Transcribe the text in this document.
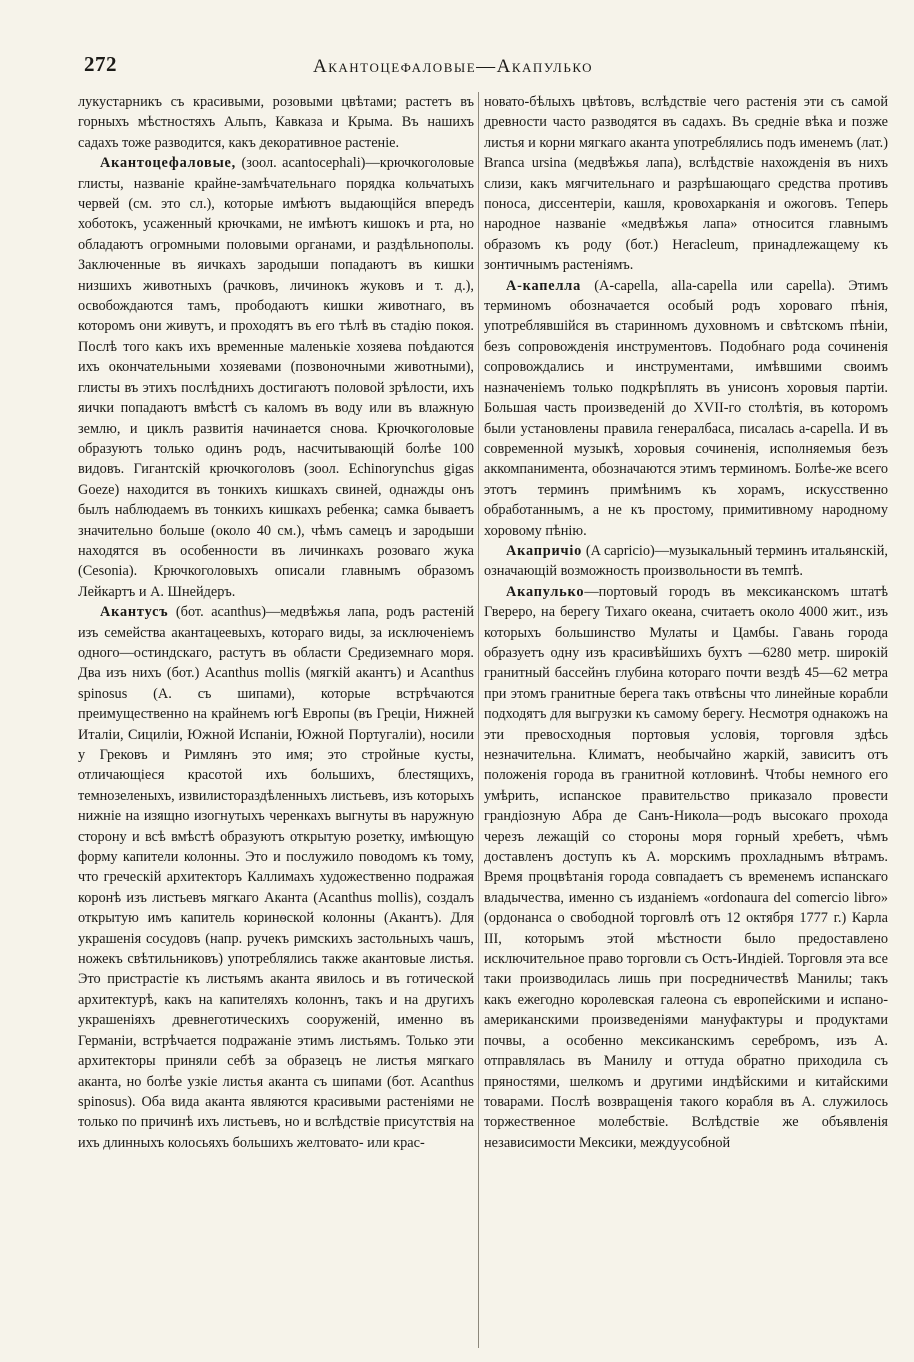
272	Акантоцефаловые—Акапулько

лукустарникъ съ красивыми, розовыми цвѣтами; растетъ въ горныхъ мѣстностяхъ Альпъ, Кавказа и Крыма. Въ нашихъ садахъ тоже разводится, какъ декоративное растеніе.

Акантоцефаловые, (зоол. acantocephali)—крючкоголовые глисты, названіе крайне-замѣчательнаго порядка кольчатыхъ червей (см. это сл.), которые имѣютъ выдающійся впередъ хоботокъ, усаженный крючками, не имѣютъ кишокъ и рта, но обладаютъ огромными половыми органами, и раздѣльнополы. Заключенные въ яичкахъ зародыши попадаютъ въ кишки низшихъ животныхъ (рачковъ, личинокъ жуковъ и т. д.), освобождаются тамъ, прободаютъ кишки животнаго, въ которомъ они живутъ, и проходятъ въ его тѣлѣ въ стадію покоя. Послѣ того какъ ихъ временные маленькіе хозяева поѣдаются ихъ окончательными хозяевами (позвоночными животными), глисты въ этихъ послѣднихъ достигаютъ половой зрѣлости, ихъ яички попадаютъ вмѣстѣ съ каломъ въ воду или въ влажную землю, и циклъ развитія начинается снова. Крючкоголовые образуютъ только одинъ родъ, насчитывающій болѣе 100 видовъ. Гигантскій крючкоголовъ (зоол. Echinorynchus gigas Goeze) находится въ тонкихъ кишкахъ свиней, однажды онъ былъ наблюдаемъ въ тонкихъ кишкахъ ребенка; самка бываетъ значительно больше (около 40 см.), чѣмъ самецъ и зародыши находятся въ особенности въ личинкахъ розоваго жука (Cesonia). Крючкоголовыхъ описали главнымъ образомъ Лейкартъ и А. Шнейдеръ.

Акантусъ (бот. acanthus)—медвѣжья лапа, родъ растеній изъ семейства акантацеевыхъ, котораго виды, за исключеніемъ одного—остиндскаго, растутъ въ области Средиземнаго моря. Два изъ нихъ (бот.) Acanthus mollis (мягкій акантъ) и Acanthus spinosus (А. съ шипами), которые встрѣчаются преимущественно на крайнемъ югѣ Европы (въ Греціи, Нижней Италіи, Сициліи, Южной Испаніи, Южной Португаліи), носили у Грековъ и Римлянъ это имя; это стройные кусты, отличающіеся красотой ихъ большихъ, блестящихъ, темнозеленыхъ, извилистораздѣленныхъ листьевъ, изъ которыхъ нижніе на изящно изогнутыхъ черенкахъ выгнуты въ наружную сторону и всѣ вмѣстѣ образуютъ открытую розетку, имѣющую форму капители колонны. Это и послужило поводомъ къ тому, что греческій архитекторъ Каллимахъ художественно подражая коронѣ изъ листьевъ мягкаго Аканта (Acanthus mollis), создалъ открытую имъ капитель коринѳской колонны (Акантъ). Для украшенія сосудовъ (напр. ручекъ римскихъ застольныхъ чашъ, ножекъ свѣтильниковъ) употреблялись также акантовые листья. Это пристрастіе къ листьямъ аканта явилось и въ готической архитектурѣ, какъ на капителяхъ колоннъ, такъ и на другихъ украшеніяхъ древнеготическихъ сооруженій, именно въ Германіи, встрѣчается подражаніе этимъ листьямъ. Только эти архитекторы приняли себѣ за образецъ не листья мягкаго аканта, но болѣе узкіе листья аканта съ шипами (бот. Acanthus spinosus). Оба вида аканта являются красивыми растеніями не только по причинѣ ихъ листьевъ, но и вслѣдствіе присутствія на ихъ длинныхъ колосьяхъ большихъ желтовато- или крас-

новато-бѣлыхъ цвѣтовъ, вслѣдствіе чего растенія эти съ самой древности часто разводятся въ садахъ. Въ средніе вѣка и позже листья и корни мягкаго аканта употреблялись подъ именемъ (лат.) Branca ursina (медвѣжья лапа), вслѣдствіе нахожденія въ нихъ слизи, какъ мягчительнаго и разрѣшающаго средства противъ поноса, диссентеріи, кашля, кровохарканія и ожоговъ. Теперь народное названіе «медвѣжья лапа» относится главнымъ образомъ къ роду (бот.) Heracleum, принадлежащему къ зонтичнымъ растеніямъ.

А-капелла (A-capella, alla-capella или capella). Этимъ терминомъ обозначается особый родъ хороваго пѣнія, употреблявшійся въ старинномъ духовномъ и свѣтскомъ пѣніи, безъ сопровожденія инструментовъ. Подобнаго рода сочиненія сопровождались и инструментами, имѣвшими своимъ назначеніемъ только подкрѣплять въ унисонъ хоровыя партіи. Большая часть произведеній до XVII-го столѣтія, въ которомъ были установлены правила генералбаса, писалась а-capella. И въ современной музыкѣ, хоровыя сочиненія, исполняемыя безъ аккомпанимента, обозначаются этимъ терминомъ. Болѣе-же всего этотъ терминъ примѣнимъ къ хорамъ, искусственно обработаннымъ, а не къ простому, примитивному народному хоровому пѣнію.

Акапричіо (A capricio)—музыкальный терминъ итальянскій, означающій возможность произвольности въ темпѣ.

Акапулько—портовый городъ въ мексиканскомъ штатѣ Гвереро, на берегу Тихаго океана, считаетъ около 4000 жит., изъ которыхъ большинство Мулаты и Цамбы. Гавань города образуетъ одну изъ красивѣйшихъ бухтъ —6280 метр. широкій гранитный бассейнъ глубина котораго почти вездѣ 45—62 метра при этомъ гранитные берега такъ отвѣсны что линейные корабли подходятъ для выгрузки къ самому берегу. Несмотря однакожъ на эти превосходныя портовыя условія, торговля здѣсь незначительна. Климатъ, необычайно жаркій, зависитъ отъ положенія города въ гранитной котловинѣ. Чтобы немного его умѣрить, испанское правительство приказало провести грандіозную Абра де Санъ-Никола—родъ высокаго прохода черезъ лежащій со стороны моря горный хребетъ, чѣмъ доставленъ доступъ къ А. морскимъ прохладнымъ вѣтрамъ. Время процвѣтанія города совпадаетъ съ временемъ испанскаго владычества, именно съ изданіемъ «ordonaura del comercio libro» (ордонанса о свободной торговлѣ отъ 12 октября 1777 г.) Карла III, которымъ этой мѣстности было предоставлено исключительное право торговли съ Остъ-Индіей. Торговля эта все таки производилась лишь при посредничествѣ Манилы; такъ какъ ежегодно королевская галеона съ европейскими и испано-американскими произведеніями мануфактуры и продуктами почвы, а особенно мексиканскимъ серебромъ, изъ А. отправлялась въ Манилу и оттуда обратно приходила съ пряностями, шелкомъ и другими индѣйскими и китайскими товарами. Послѣ возвращенія такого корабля въ А. служилось торжественное молебствіе. Вслѣдствіе же объявленія независимости Мексики, междуусобной
